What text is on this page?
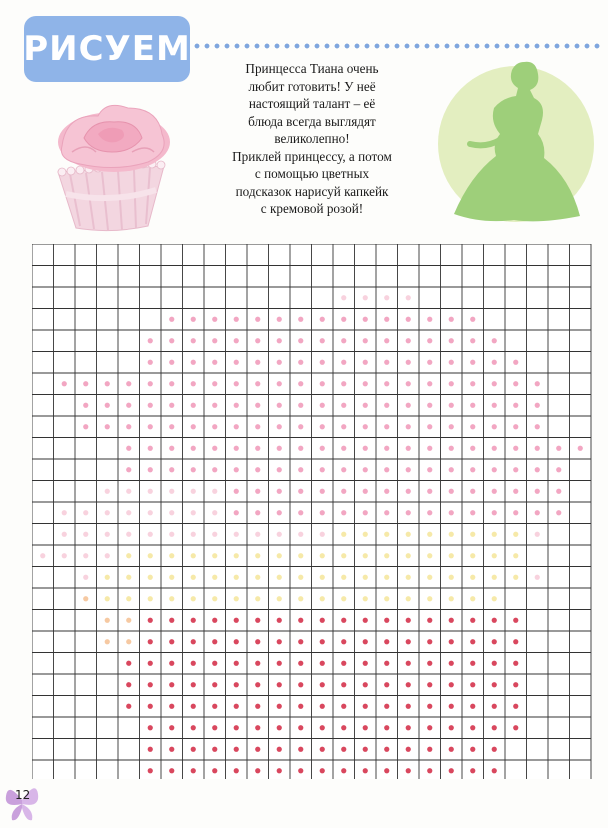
РИСУЕМ	Принцесса Тиана очень
любит готовить! У неё
настоящий талант – её
блюда всегда выглядят
великолепно!
Приклей принцессу, а потом
с помощью цветных
подсказок нарисуй капкейк
с кремовой розой!

12
